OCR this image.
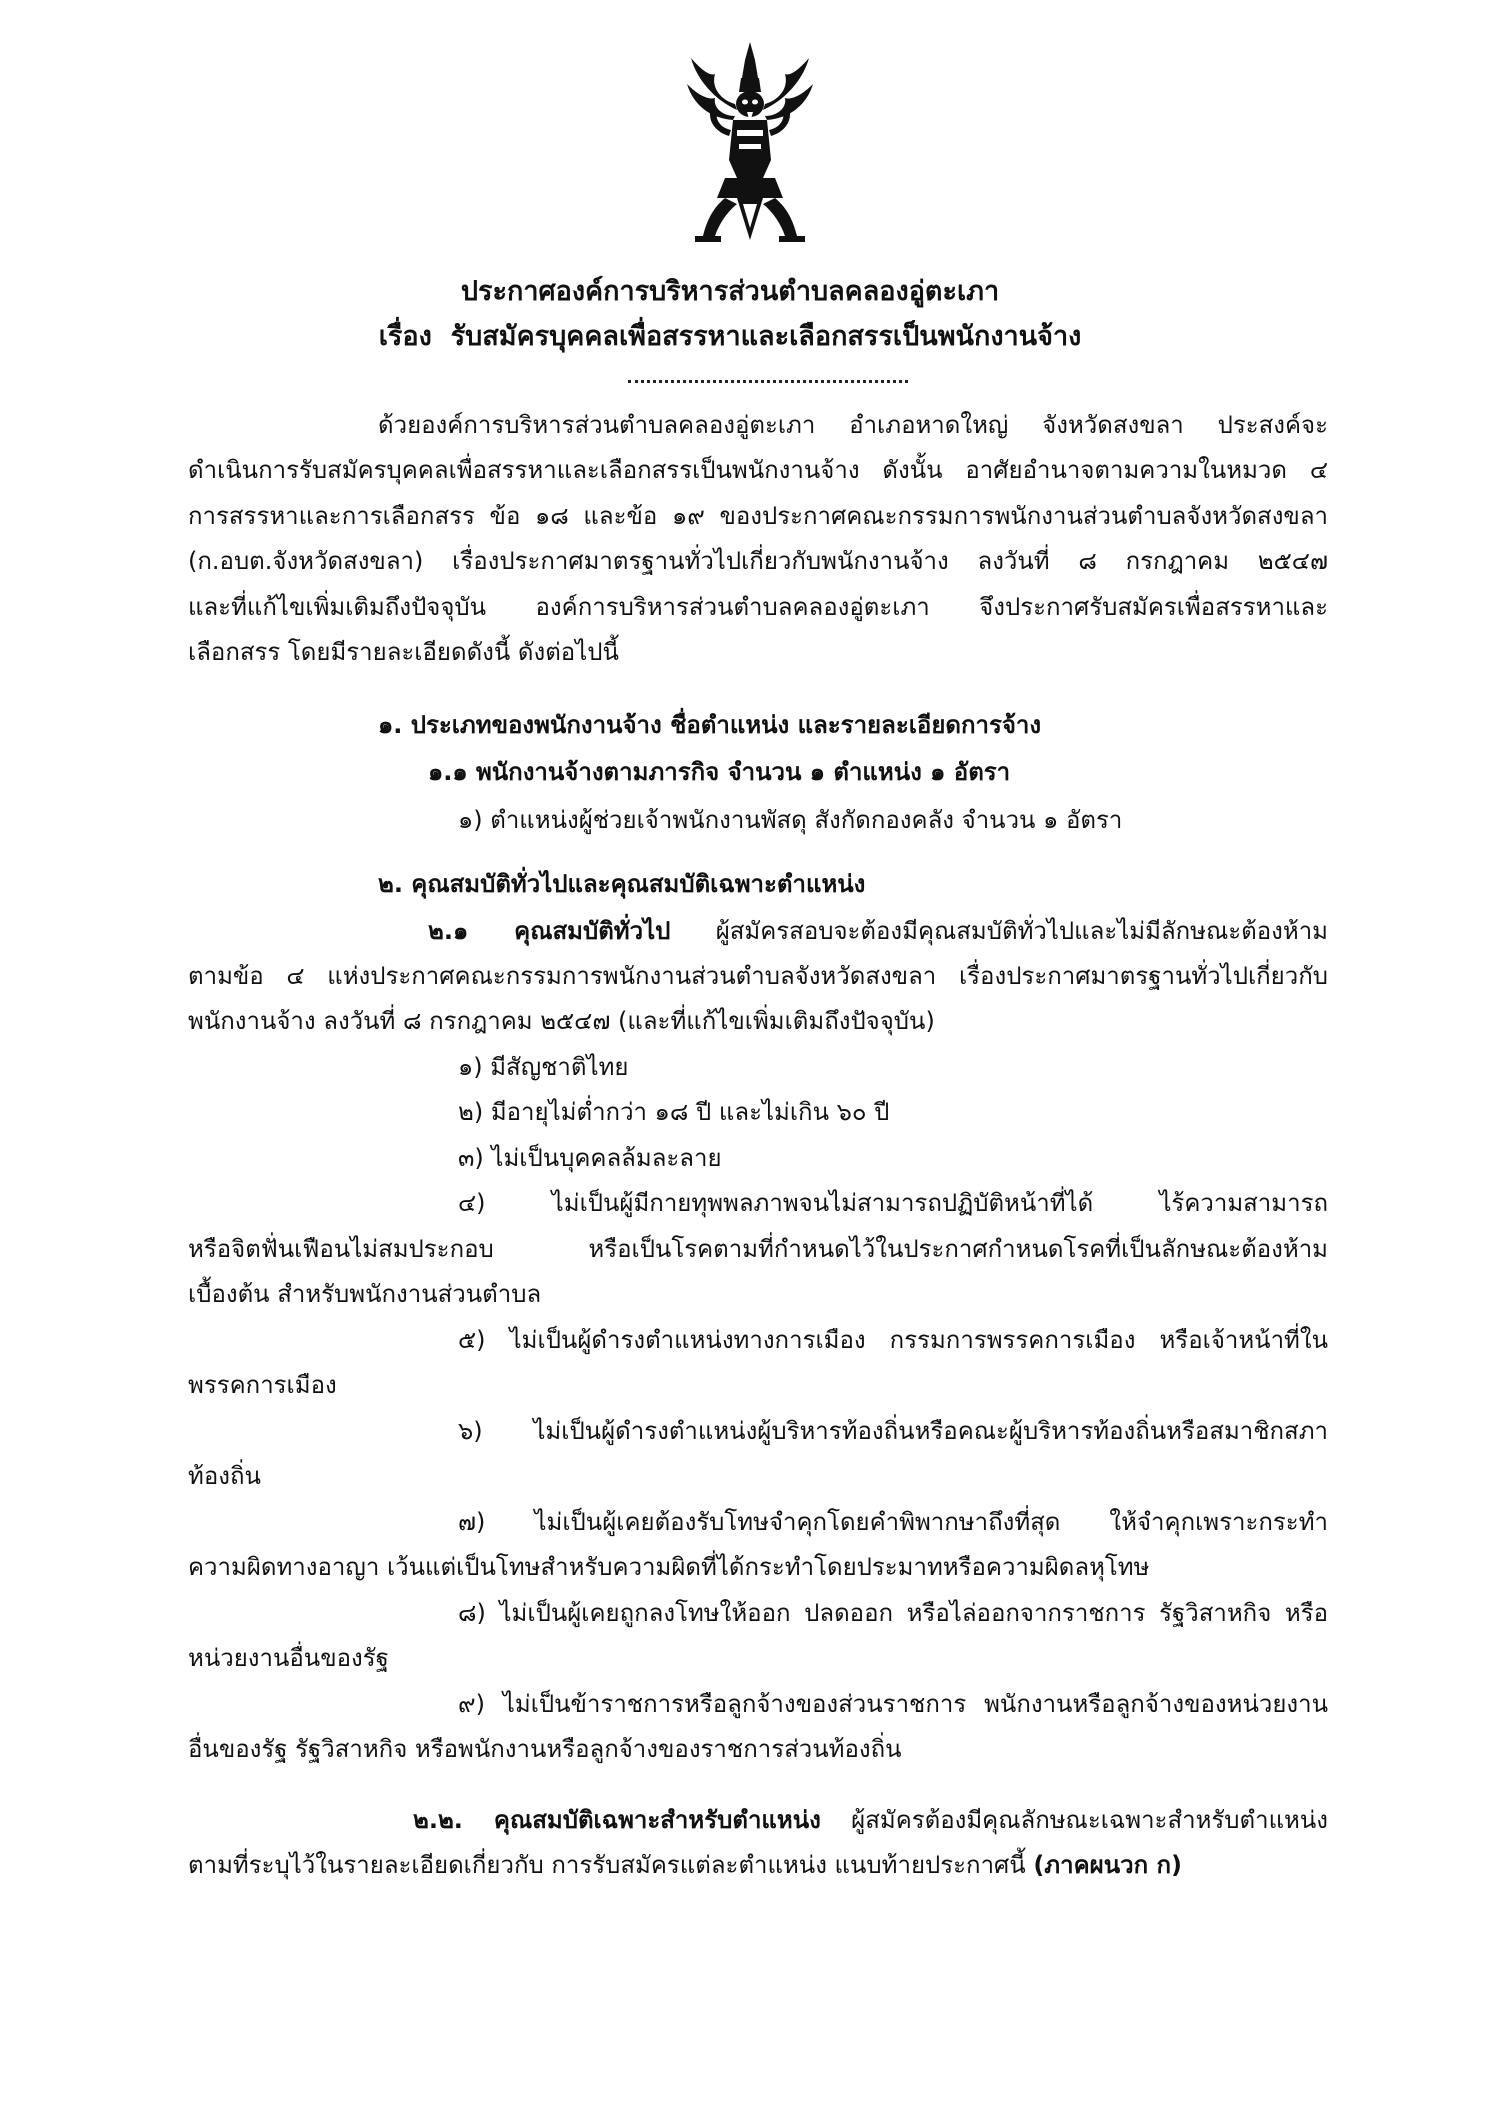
ประกาศองค์การบริหารส่วนตำบลคลองอู่ตะเภา
เรื่อง รับสมัครบุคคลเพื่อสรรหาและเลือกสรรเป็นพนักงานจ้าง
ด้วยองค์การบริหารส่วนตำบลคลองอู่ตะเภา อำเภอหาดใหญ่ จังหวัดสงขลา ประสงค์จะ
ดำเนินการรับสมัครบุคคลเพื่อสรรหาและเลือกสรรเป็นพนักงานจ้าง ดังนั้น อาศัยอำนาจตามความในหมวด ๔
การสรรหาและการเลือกสรร ข้อ ๑๘ และข้อ ๑๙ ของประกาศคณะกรรมการพนักงานส่วนตำบลจังหวัดสงขลา
(ก.อบต.จังหวัดสงขลา) เรื่องประกาศมาตรฐานทั่วไปเกี่ยวกับพนักงานจ้าง ลงวันที่ ๘ กรกฎาคม ๒๕๔๗
และที่แก้ไขเพิ่มเติมถึงปัจจุบัน องค์การบริหารส่วนตำบลคลองอู่ตะเภา จึงประกาศรับสมัครเพื่อสรรหาและ
เลือกสรร โดยมีรายละเอียดดังนี้ ดังต่อไปนี้
๑. ประเภทของพนักงานจ้าง ชื่อตำแหน่ง และรายละเอียดการจ้าง
๑.๑ พนักงานจ้างตามภารกิจ จำนวน ๑ ตำแหน่ง ๑ อัตรา
๑) ตำแหน่งผู้ช่วยเจ้าพนักงานพัสดุ สังกัดกองคลัง จำนวน ๑ อัตรา
๒. คุณสมบัติทั่วไปและคุณสมบัติเฉพาะตำแหน่ง
๒.๑ คุณสมบัติทั่วไป ผู้สมัครสอบจะต้องมีคุณสมบัติทั่วไปและไม่มีลักษณะต้องห้าม
ตามข้อ ๔ แห่งประกาศคณะกรรมการพนักงานส่วนตำบลจังหวัดสงขลา เรื่องประกาศมาตรฐานทั่วไปเกี่ยวกับ
พนักงานจ้าง ลงวันที่ ๘ กรกฎาคม ๒๕๔๗ (และที่แก้ไขเพิ่มเติมถึงปัจจุบัน)
๑) มีสัญชาติไทย
๒) มีอายุไม่ต่ำกว่า ๑๘ ปี และไม่เกิน ๖๐ ปี
๓) ไม่เป็นบุคคลล้มละลาย
๔) ไม่เป็นผู้มีกายทุพพลภาพจนไม่สามารถปฏิบัติหน้าที่ได้ ไร้ความสามารถ
หรือจิตฟั่นเฟือนไม่สมประกอบ หรือเป็นโรคตามที่กำหนดไว้ในประกาศกำหนดโรคที่เป็นลักษณะต้องห้าม
เบื้องต้น สำหรับพนักงานส่วนตำบล
๕) ไม่เป็นผู้ดำรงตำแหน่งทางการเมือง กรรมการพรรคการเมือง หรือเจ้าหน้าที่ใน
พรรคการเมือง
๖) ไม่เป็นผู้ดำรงตำแหน่งผู้บริหารท้องถิ่นหรือคณะผู้บริหารท้องถิ่นหรือสมาชิกสภา
ท้องถิ่น
๗) ไม่เป็นผู้เคยต้องรับโทษจำคุกโดยคำพิพากษาถึงที่สุด ให้จำคุกเพราะกระทำ
ความผิดทางอาญา เว้นแต่เป็นโทษสำหรับความผิดที่ได้กระทำโดยประมาทหรือความผิดลหุโทษ
๘) ไม่เป็นผู้เคยถูกลงโทษให้ออก ปลดออก หรือไล่ออกจากราชการ รัฐวิสาหกิจ หรือ
หน่วยงานอื่นของรัฐ
๙) ไม่เป็นข้าราชการหรือลูกจ้างของส่วนราชการ พนักงานหรือลูกจ้างของหน่วยงาน
อื่นของรัฐ รัฐวิสาหกิจ หรือพนักงานหรือลูกจ้างของราชการส่วนท้องถิ่น
๒.๒. คุณสมบัติเฉพาะสำหรับตำแหน่ง ผู้สมัครต้องมีคุณลักษณะเฉพาะสำหรับตำแหน่ง
ตามที่ระบุไว้ในรายละเอียดเกี่ยวกับ การรับสมัครแต่ละตำแหน่ง แนบท้ายประกาศนี้ (ภาคผนวก ก)
